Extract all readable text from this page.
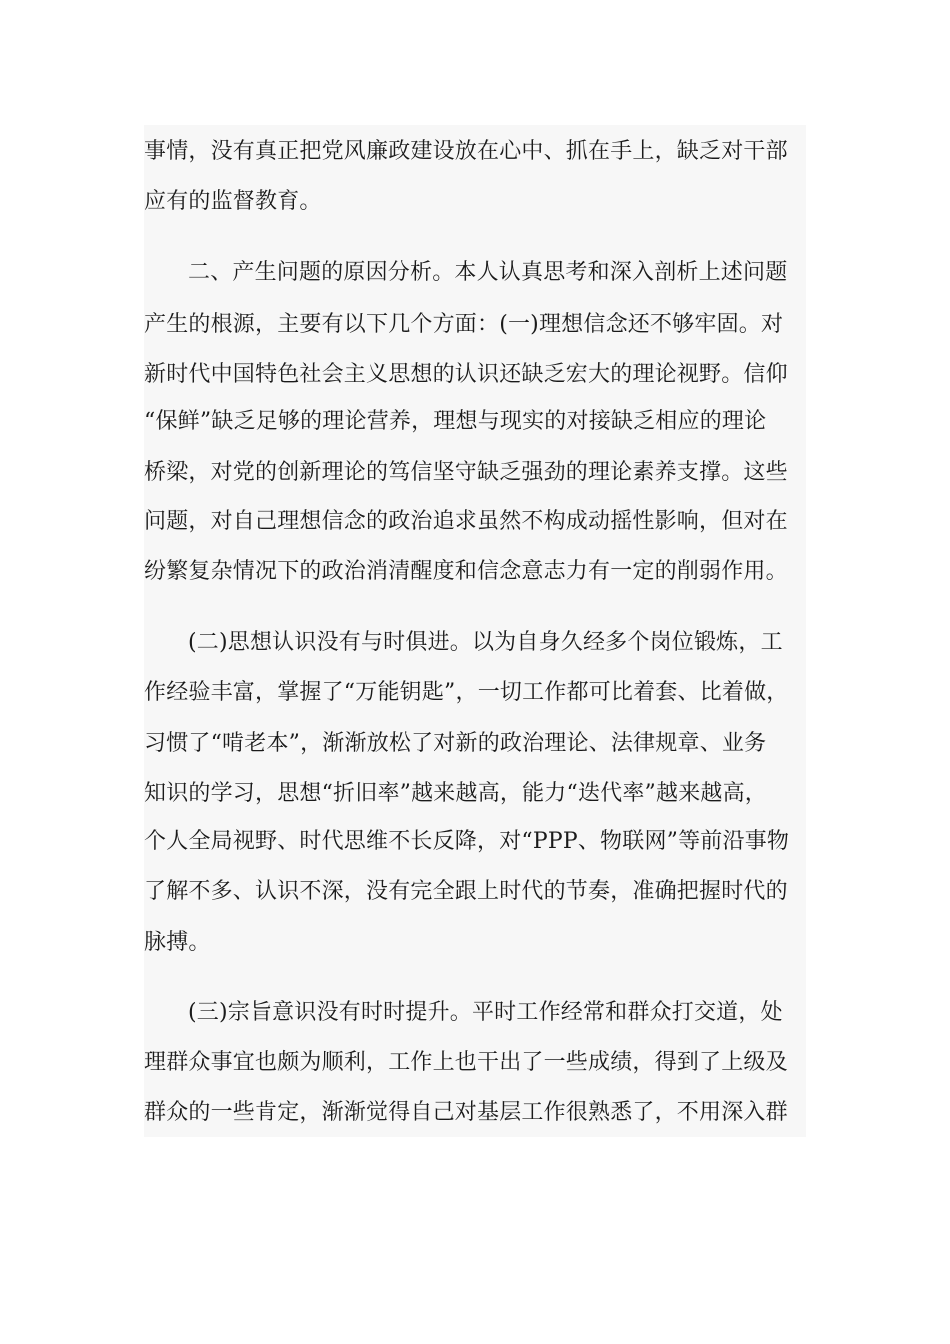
事情，没有真正把党风廉政建设放在心中、抓在手上，缺乏对干部
应有的监督教育。
二、产生问题的原因分析。本人认真思考和深入剖析上述问题
产生的根源，主要有以下几个方面：(一)理想信念还不够牢固。对
新时代中国特色社会主义思想的认识还缺乏宏大的理论视野。信仰
“保鲜”缺乏足够的理论营养，理想与现实的对接缺乏相应的理论
桥梁，对党的创新理论的笃信坚守缺乏强劲的理论素养支撑。这些
问题，对自己理想信念的政治追求虽然不构成动摇性影响，但对在
纷繁复杂情况下的政治消清醒度和信念意志力有一定的削弱作用。
(二)思想认识没有与时俱进。以为自身久经多个岗位锻炼，工
作经验丰富，掌握了“万能钥匙”，一切工作都可比着套、比着做，
习惯了“啃老本”，渐渐放松了对新的政治理论、法律规章、业务
知识的学习，思想“折旧率”越来越高，能力“迭代率”越来越高，
个人全局视野、时代思维不长反降，对“PPP、物联网”等前沿事物
了解不多、认识不深，没有完全跟上时代的节奏，准确把握时代的
脉搏。
(三)宗旨意识没有时时提升。平时工作经常和群众打交道，处
理群众事宜也颇为顺利，工作上也干出了一些成绩，得到了上级及
群众的一些肯定，渐渐觉得自己对基层工作很熟悉了，不用深入群
